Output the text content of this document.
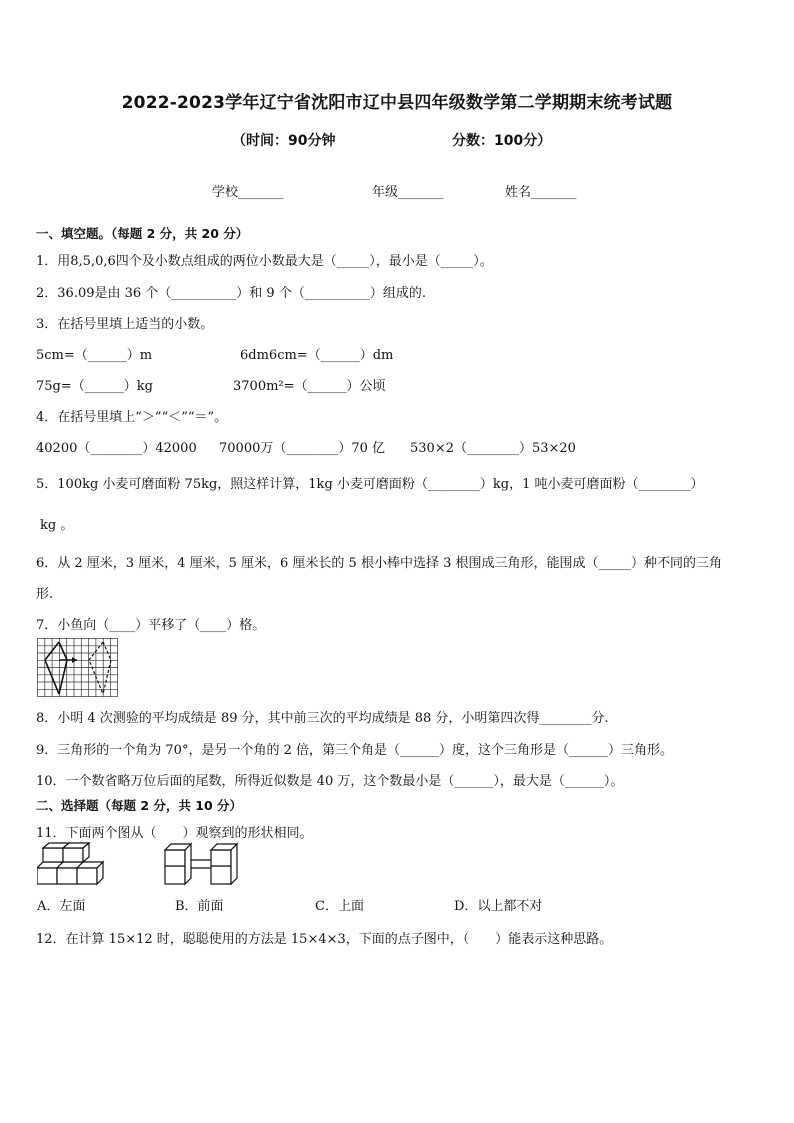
2022-2023学年辽宁省沈阳市辽中县四年级数学第二学期期末统考试题
（时间：90分钟	分数：100分）
学校_______	年级_______	姓名_______
一、填空题。（每题 2 分，共 20 分）
1．用8,5,0,6四个及小数点组成的两位小数最大是（_____），最小是（_____）。
2．36.09是由 36 个（__________）和 9 个（__________）组成的.
3．在括号里填上适当的小数。
5cm=（______）m	6dm6cm=（______）dm
75g=（______）kg	3700m²=（______）公顷
4．在括号里填上“＞”“＜”“＝”。
40200（________）42000 70000万（________）70 亿 530×2（________）53×20
5．100kg 小麦可磨面粉 75kg，照这样计算，1kg 小麦可磨面粉（________）kg，1 吨小麦可磨面粉（________）
kg 。
6．从 2 厘米，3 厘米，4 厘米，5 厘米，6 厘米长的 5 根小棒中选择 3 根围成三角形，能围成（_____）种不同的三角
形.
7．小鱼向（____）平移了（____）格。
8．小明 4 次测验的平均成绩是 89 分，其中前三次的平均成绩是 88 分，小明第四次得________分.
9．三角形的一个角为 70°，是另一个角的 2 倍，第三个角是（______）度，这个三角形是（______）三角形。
10．一个数省略万位后面的尾数，所得近似数是 40 万，这个数最小是（______），最大是（______）。
二、选择题（每题 2 分，共 10 分）
11．下面两个图从（　　）观察到的形状相同。
A．左面	B．前面	C．上面	D．以上都不对
12．在计算 15×12 时，聪聪使用的方法是 15×4×3，下面的点子图中，（　　）能表示这种思路。
